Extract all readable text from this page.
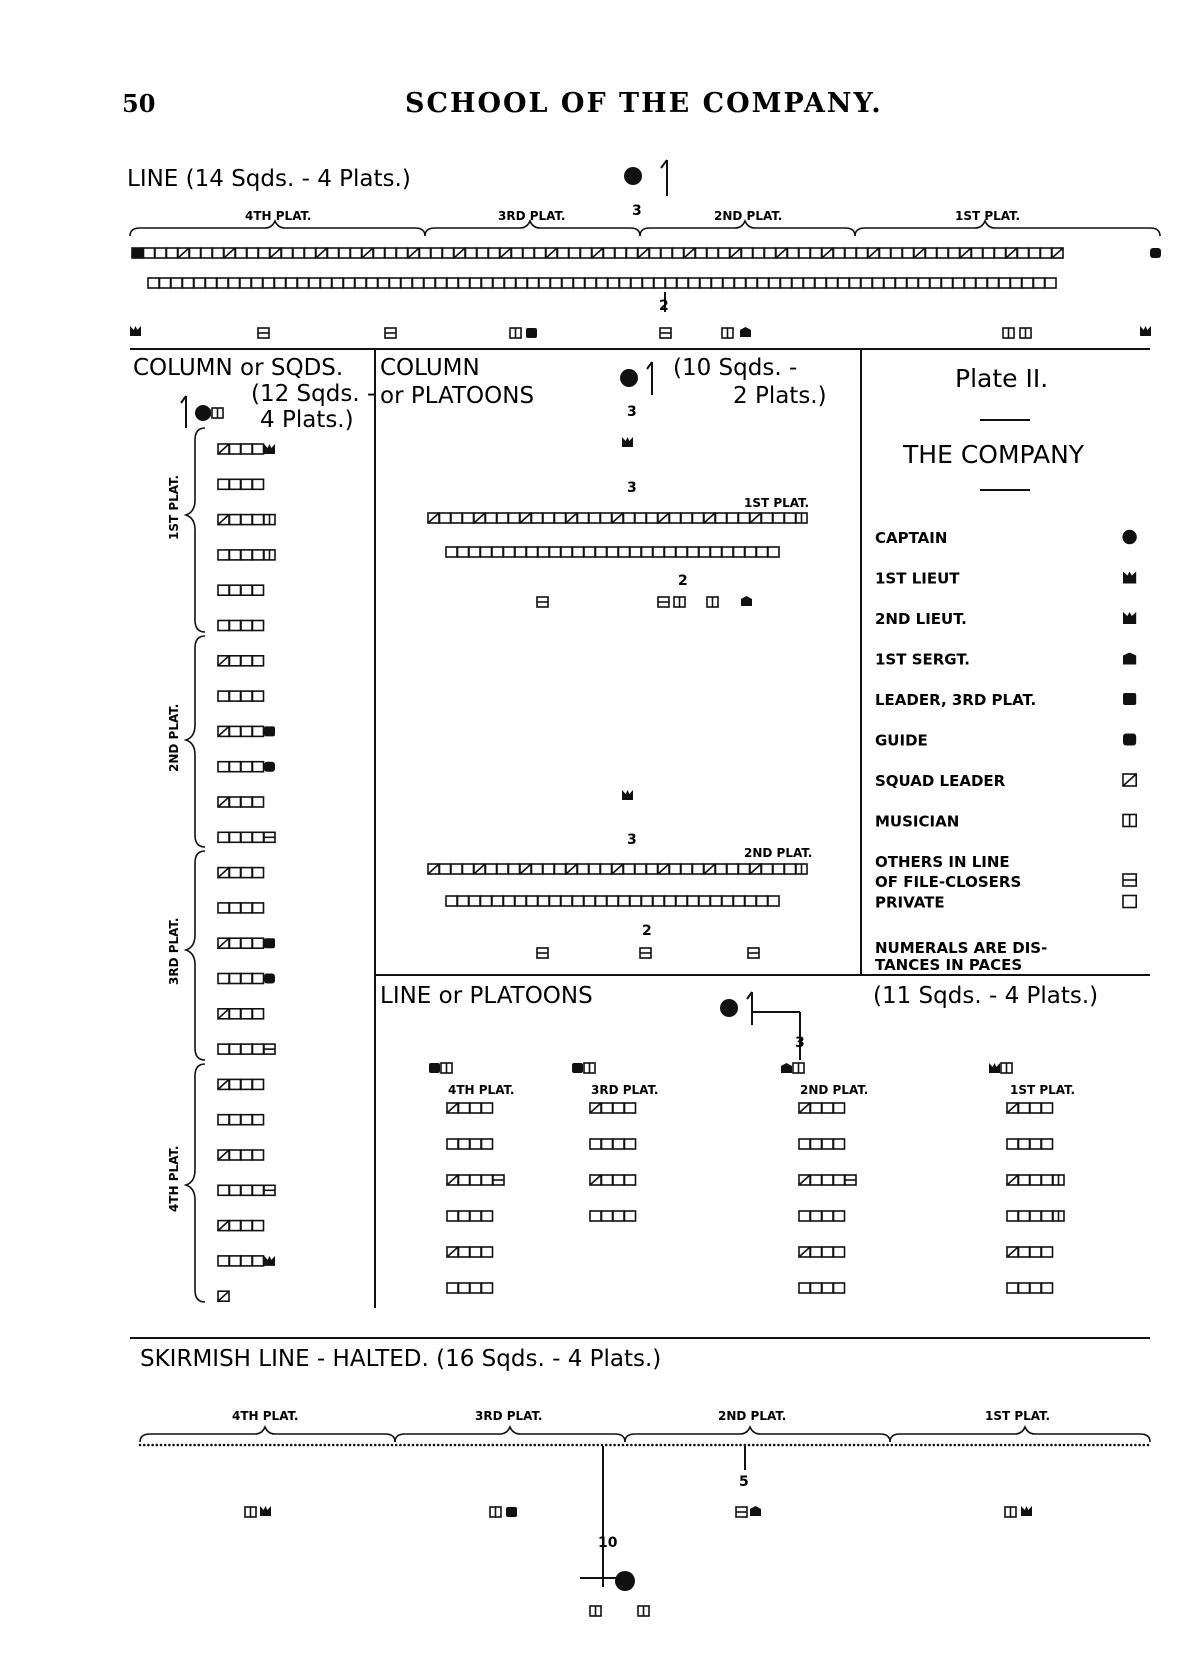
50	SCHOOL OF THE COMPANY.
LINE (14 Sqds. - 4 Plats.)
3
4TH PLAT.	3RD PLAT.	2ND PLAT.	1ST PLAT.
2
COLUMN or SQDS.
(12 Sqds. -
4 Plats.)
1ST PLAT.
2ND PLAT.
3RD PLAT.
4TH PLAT.
COLUMN
or PLATOONS
(10 Sqds. -
2 Plats.)
3
3
1ST PLAT.
2
3
2ND PLAT.
2
Plate II.
THE COMPANY
CAPTAIN
1ST LIEUT
2ND LIEUT.
1ST SERGT.
LEADER, 3RD PLAT.
GUIDE
SQUAD LEADER
MUSICIAN
OTHERS IN LINE
OF FILE-CLOSERS
PRIVATE
NUMERALS ARE DIS-
TANCES IN PACES
LINE or PLATOONS	(11 Sqds. - 4 Plats.)
3
4TH PLAT.	3RD PLAT.	2ND PLAT.	1ST PLAT.
SKIRMISH LINE - HALTED. (16 Sqds. - 4 Plats.)
4TH PLAT.	3RD PLAT.	2ND PLAT.	1ST PLAT.
5
10
